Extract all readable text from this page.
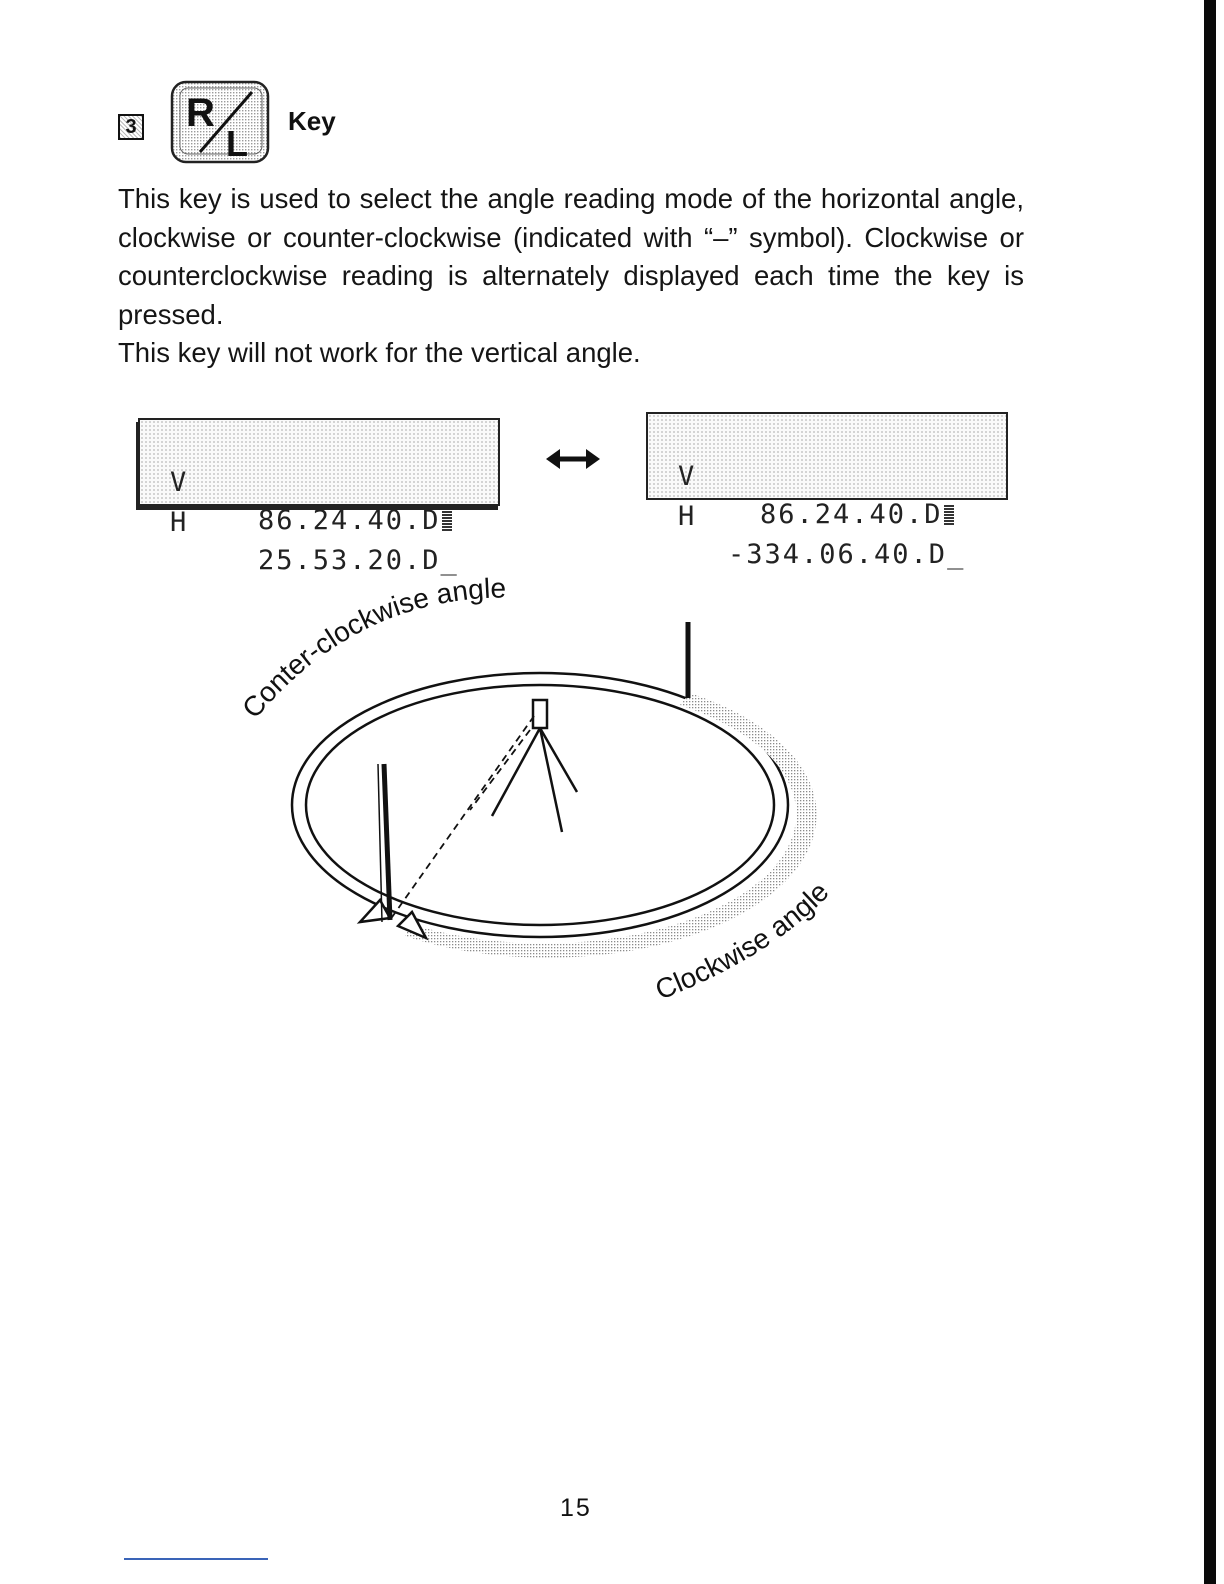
3 R
L
Key

This key is used to select the angle reading mode of the horizontal angle, clockwise or counter-clockwise (indicated with “–” symbol). Clockwise or counterclockwise reading is alternately displayed each time the key is pressed.

This key will not work for the vertical angle.

V

86.24.40.D

H

25.53.20.D_

V

86.24.40.D

H

-334.06.40.D_

Conter-clockwise angle
Clockwise angle
15
